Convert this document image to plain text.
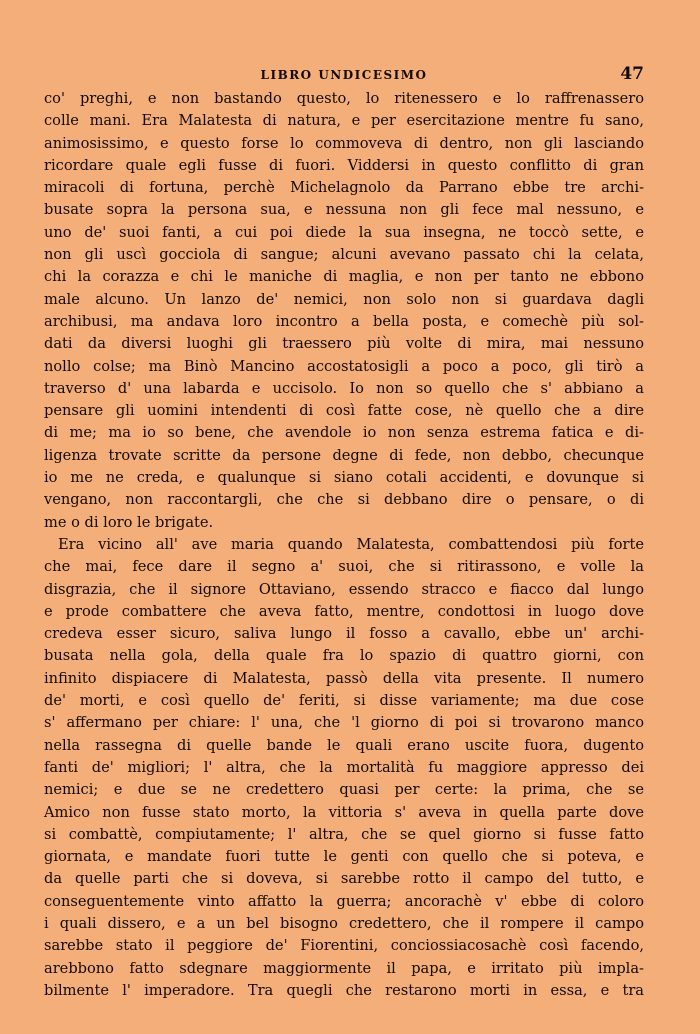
LIBRO UNDICESIMO	47
co' preghi, e non bastando questo, lo ritenessero e lo raffrenassero
colle mani. Era Malatesta di natura, e per esercitazione mentre fu sano,
animosissimo, e questo forse lo commoveva di dentro, non gli lasciando
ricordare quale egli fusse di fuori. Viddersi in questo conflitto di gran
miracoli di fortuna, perchè Michelagnolo da Parrano ebbe tre archi-
busate sopra la persona sua, e nessuna non gli fece mal nessuno, e
uno de' suoi fanti, a cui poi diede la sua insegna, ne toccò sette, e
non gli uscì gocciola di sangue; alcuni avevano passato chi la celata,
chi la corazza e chi le maniche di maglia, e non per tanto ne ebbono
male alcuno. Un lanzo de' nemici, non solo non si guardava dagli
archibusi, ma andava loro incontro a bella posta, e comechè più sol-
dati da diversi luoghi gli traessero più volte di mira, mai nessuno
nollo colse; ma Binò Mancino accostatosigli a poco a poco, gli tirò a
traverso d' una labarda e uccisolo. Io non so quello che s' abbiano a
pensare gli uomini intendenti di così fatte cose, nè quello che a dire
di me; ma io so bene, che avendole io non senza estrema fatica e di-
ligenza trovate scritte da persone degne di fede, non debbo, checunque
io me ne creda, e qualunque si siano cotali accidenti, e dovunque si
vengano, non raccontargli, che che si debbano dire o pensare, o di
me o di loro le brigate.
Era vicino all' ave maria quando Malatesta, combattendosi più forte
che mai, fece dare il segno a' suoi, che si ritirassono, e volle la
disgrazia, che il signore Ottaviano, essendo stracco e fiacco dal lungo
e prode combattere che aveva fatto, mentre, condottosi in luogo dove
credeva esser sicuro, saliva lungo il fosso a cavallo, ebbe un' archi-
busata nella gola, della quale fra lo spazio di quattro giorni, con
infinito dispiacere di Malatesta, passò della vita presente. Il numero
de' morti, e così quello de' feriti, si disse variamente; ma due cose
s' affermano per chiare: l' una, che 'l giorno di poi si trovarono manco
nella rassegna di quelle bande le quali erano uscite fuora, dugento
fanti de' migliori; l' altra, che la mortalità fu maggiore appresso dei
nemici; e due se ne credettero quasi per certe: la prima, che se
Amico non fusse stato morto, la vittoria s' aveva in quella parte dove
si combattè, compiutamente; l' altra, che se quel giorno si fusse fatto
giornata, e mandate fuori tutte le genti con quello che si poteva, e
da quelle parti che si doveva, si sarebbe rotto il campo del tutto, e
conseguentemente vinto affatto la guerra; ancorachè v' ebbe di coloro
i quali dissero, e a un bel bisogno credettero, che il rompere il campo
sarebbe stato il peggiore de' Fiorentini, conciossiacosachè così facendo,
arebbono fatto sdegnare maggiormente il papa, e irritato più impla-
bilmente l' imperadore. Tra quegli che restarono morti in essa, e tra
